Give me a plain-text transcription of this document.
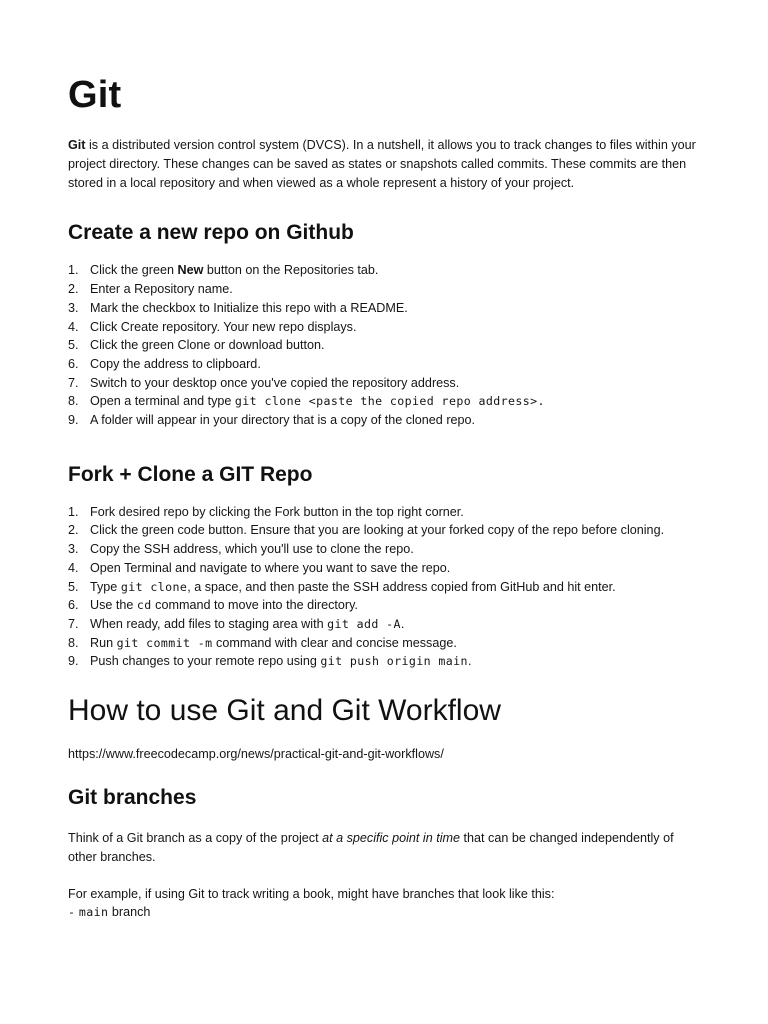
Git

Git is a distributed version control system (DVCS). In a nutshell, it allows you to track changes to files within your project directory. These changes can be saved as states or snapshots called commits. These commits are then stored in a local repository and when viewed as a whole represent a history of your project.

Create a new repo on Github
1. Click the green New button on the Repositories tab.
2. Enter a Repository name.
3. Mark the checkbox to Initialize this repo with a README.
4. Click Create repository. Your new repo displays.
5. Click the green Clone or download button.
6. Copy the address to clipboard.
7. Switch to your desktop once you've copied the repository address.
8. Open a terminal and type git clone <paste the copied repo address>.
9. A folder will appear in your directory that is a copy of the cloned repo.
Fork + Clone a GIT Repo
1. Fork desired repo by clicking the Fork button in the top right corner.
2. Click the green code button. Ensure that you are looking at your forked copy of the repo before cloning.
3. Copy the SSH address, which you'll use to clone the repo.
4. Open Terminal and navigate to where you want to save the repo.
5. Type git clone, a space, and then paste the SSH address copied from GitHub and hit enter.
6. Use the cd command to move into the directory.
7. When ready, add files to staging area with git add -A.
8. Run git commit -m command with clear and concise message.
9. Push changes to your remote repo using git push origin main.
How to use Git and Git Workflow
https://www.freecodecamp.org/news/practical-git-and-git-workflows/
Git branches

Think of a Git branch as a copy of the project at a specific point in time that can be changed independently of other branches.

For example, if using Git to track writing a book, might have branches that look like this:

- main branch
